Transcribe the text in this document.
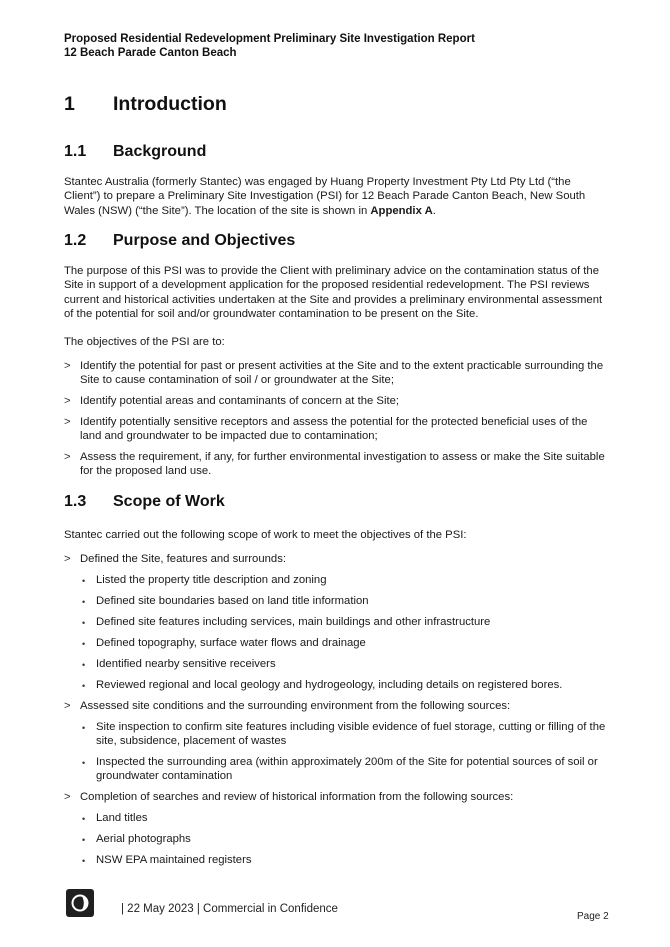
Proposed Residential Redevelopment Preliminary Site Investigation Report
12 Beach Parade Canton Beach
1 Introduction
1.1 Background

Stantec Australia (formerly Stantec) was engaged by Huang Property Investment Pty Ltd Pty Ltd (“the Client”) to prepare a Preliminary Site Investigation (PSI) for 12 Beach Parade Canton Beach, New South Wales (NSW) (“the Site”). The location of the site is shown in Appendix A.

1.2 Purpose and Objectives

The purpose of this PSI was to provide the Client with preliminary advice on the contamination status of the Site in support of a development application for the proposed residential redevelopment. The PSI reviews current and historical activities undertaken at the Site and provides a preliminary environmental assessment of the potential for soil and/or groundwater contamination to be present on the Site.

The objectives of the PSI are to:

> Identify the potential for past or present activities at the Site and to the extent practicable surrounding the Site to cause contamination of soil / or groundwater at the Site;
> Identify potential areas and contaminants of concern at the Site;
> Identify potentially sensitive receptors and assess the potential for the protected beneficial uses of the land and groundwater to be impacted due to contamination;
> Assess the requirement, if any, for further environmental investigation to assess or make the Site suitable for the proposed land use.
1.3 Scope of Work

Stantec carried out the following scope of work to meet the objectives of the PSI:

> Defined the Site, features and surrounds:
• Listed the property title description and zoning
• Defined site boundaries based on land title information
• Defined site features including services, main buildings and other infrastructure
• Defined topography, surface water flows and drainage
• Identified nearby sensitive receivers
• Reviewed regional and local geology and hydrogeology, including details on registered bores.
> Assessed site conditions and the surrounding environment from the following sources:
• Site inspection to confirm site features including visible evidence of fuel storage, cutting or filling of the site, subsidence, placement of wastes
• Inspected the surrounding area (within approximately 200m of the Site for potential sources of soil or groundwater contamination
> Completion of searches and review of historical information from the following sources:
• Land titles
• Aerial photographs
• NSW EPA maintained registers
| 22 May 2023 | Commercial in Confidence
Page 2
